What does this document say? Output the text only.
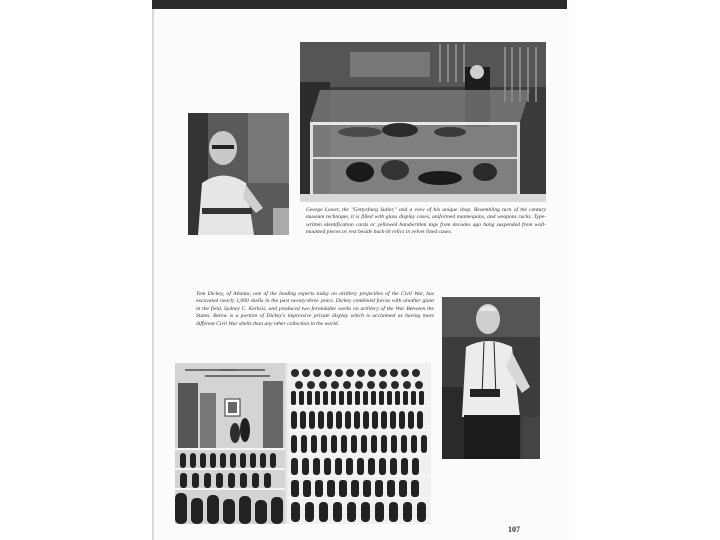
George Lower, the "Gettysburg Sutler," and a view of his unique shop. Resembling turn of the century museum technique, it is filled with glass display cases, uniformed mannequins, and weapons racks. Type-written identification cards or yellowed handwritten tags from decades ago hang suspended from wall-mounted pieces or rest beside back-lit relics in velvet lined cases.

Tom Dickey, of Atlanta, one of the leading experts today on artillery projectiles of the Civil War, has excavated nearly 1,000 shells in the past twenty-three years. Dickey combined forces with another giant in the field, Sydney C. Kerksis, and produced two formidable works on artillery of the War Between the States. Below is a portion of Dickey's impressive private display which is acclaimed as having more different Civil War shells than any other collection in the world.

107
